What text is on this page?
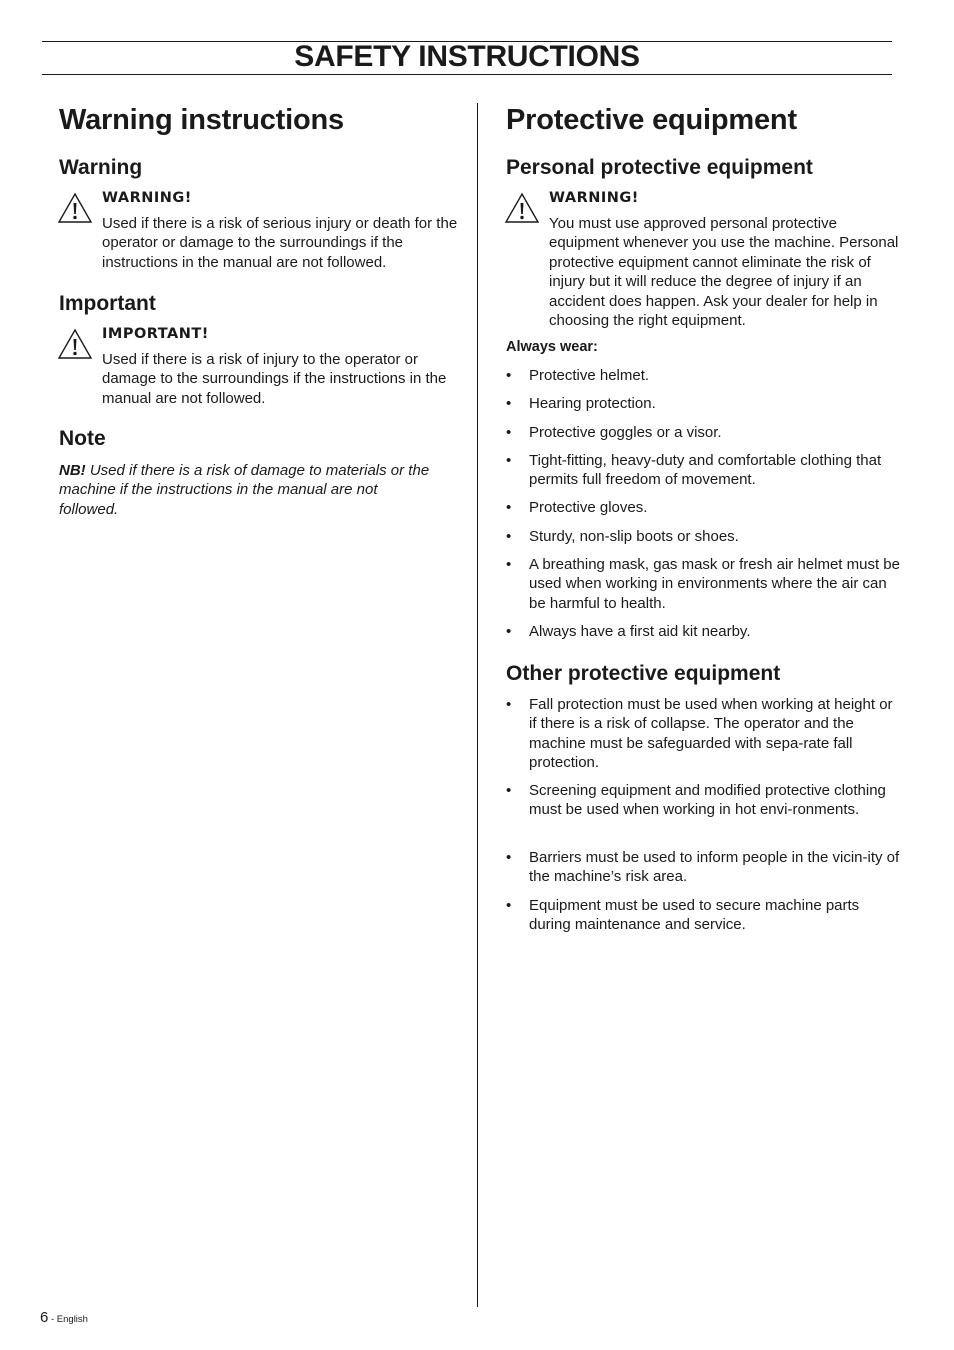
SAFETY INSTRUCTIONS
Warning instructions
Warning
WARNING!
Used if there is a risk of serious injury or death for the operator or damage to the surroundings if the instructions in the manual are not followed.
Important
IMPORTANT!
Used if there is a risk of injury to the operator or damage to the surroundings if the instructions in the manual are not followed.
Note

NB! Used if there is a risk of damage to materials or the machine if the instructions in the manual are not followed.

Protective equipment
Personal protective equipment
WARNING!
You must use approved personal protective equipment whenever you use the machine. Personal protective equipment cannot eliminate the risk of injury but it will reduce the degree of injury if an accident does happen. Ask your dealer for help in choosing the right equipment.

Always wear:

• Protective helmet.
• Hearing protection.
• Protective goggles or a visor.
• Tight-fitting, heavy-duty and comfortable clothing that permits full freedom of movement.
• Protective gloves.
• Sturdy, non-slip boots or shoes.
• A breathing mask, gas mask or fresh air helmet must be used when working in environments where the air can be harmful to health.
• Always have a first aid kit nearby.
Other protective equipment
• Fall protection must be used when working at height or if there is a risk of collapse. The operator and the machine must be safeguarded with sepa-rate fall protection.
• Screening equipment and modified protective clothing must be used when working in hot envi-ronments.
• Barriers must be used to inform people in the vicin-ity of the machine’s risk area.
• Equipment must be used to secure machine parts during maintenance and service.
6 - English
